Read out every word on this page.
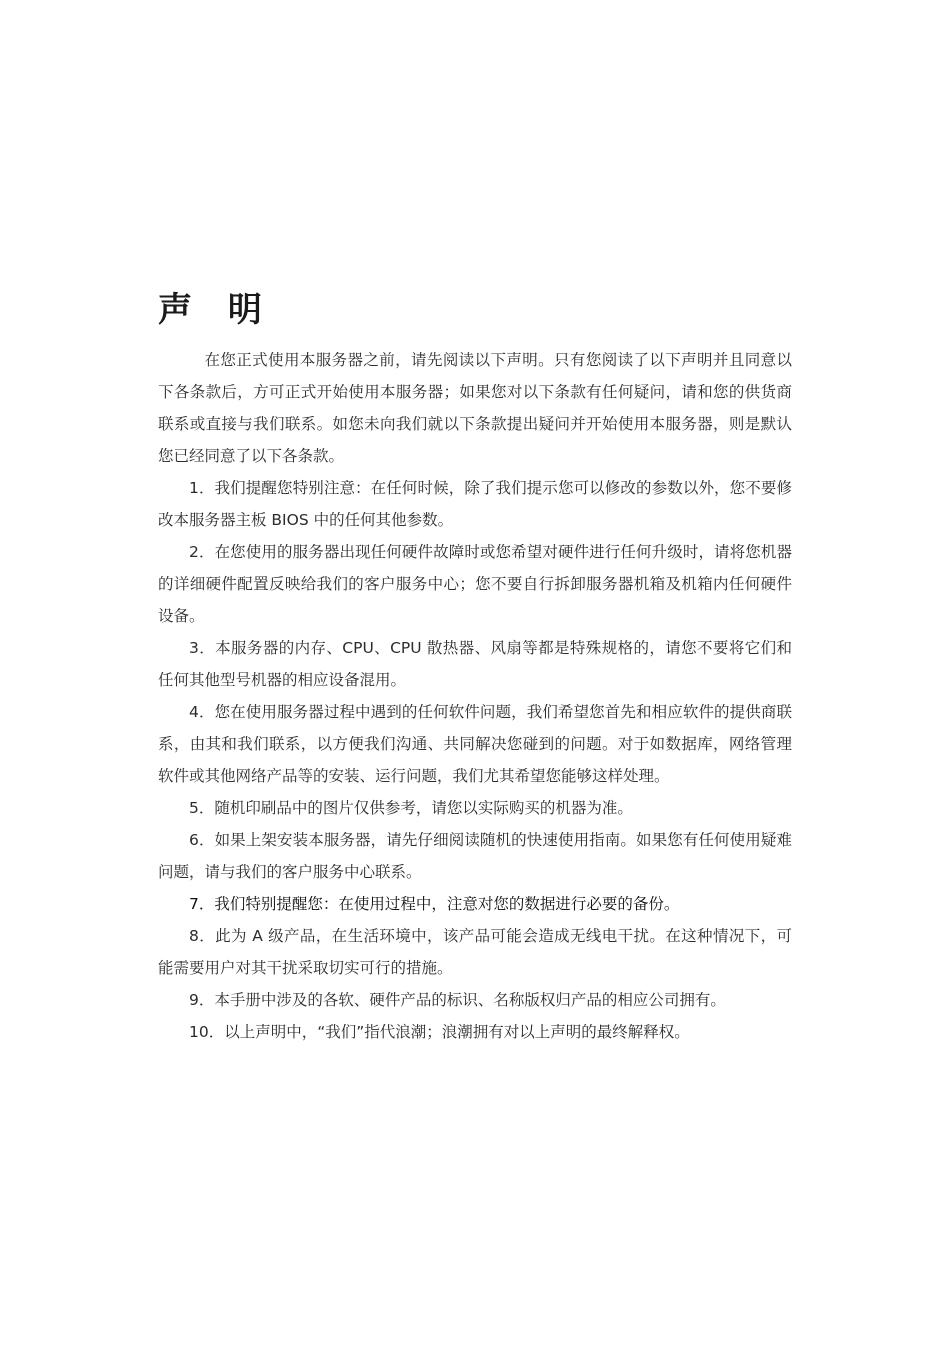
声 明

在您正式使用本服务器之前，请先阅读以下声明。只有您阅读了以下声明并且同意以下各条款后，方可正式开始使用本服务器；如果您对以下条款有任何疑问，请和您的供货商联系或直接与我们联系。如您未向我们就以下条款提出疑问并开始使用本服务器，则是默认您已经同意了以下各条款。

1．我们提醒您特别注意：在任何时候，除了我们提示您可以修改的参数以外，您不要修改本服务器主板 BIOS 中的任何其他参数。

2．在您使用的服务器出现任何硬件故障时或您希望对硬件进行任何升级时，请将您机器的详细硬件配置反映给我们的客户服务中心；您不要自行拆卸服务器机箱及机箱内任何硬件设备。

3．本服务器的内存、CPU、CPU 散热器、风扇等都是特殊规格的，请您不要将它们和任何其他型号机器的相应设备混用。

4．您在使用服务器过程中遇到的任何软件问题，我们希望您首先和相应软件的提供商联系，由其和我们联系，以方便我们沟通、共同解决您碰到的问题。对于如数据库，网络管理软件或其他网络产品等的安装、运行问题，我们尤其希望您能够这样处理。

5．随机印刷品中的图片仅供参考，请您以实际购买的机器为准。

6．如果上架安装本服务器，请先仔细阅读随机的快速使用指南。如果您有任何使用疑难问题，请与我们的客户服务中心联系。

7．我们特别提醒您：在使用过程中，注意对您的数据进行必要的备份。

8．此为 A 级产品，在生活环境中，该产品可能会造成无线电干扰。在这种情况下，可能需要用户对其干扰采取切实可行的措施。

9．本手册中涉及的各软、硬件产品的标识、名称版权归产品的相应公司拥有。

10．以上声明中，“我们”指代浪潮；浪潮拥有对以上声明的最终解释权。
